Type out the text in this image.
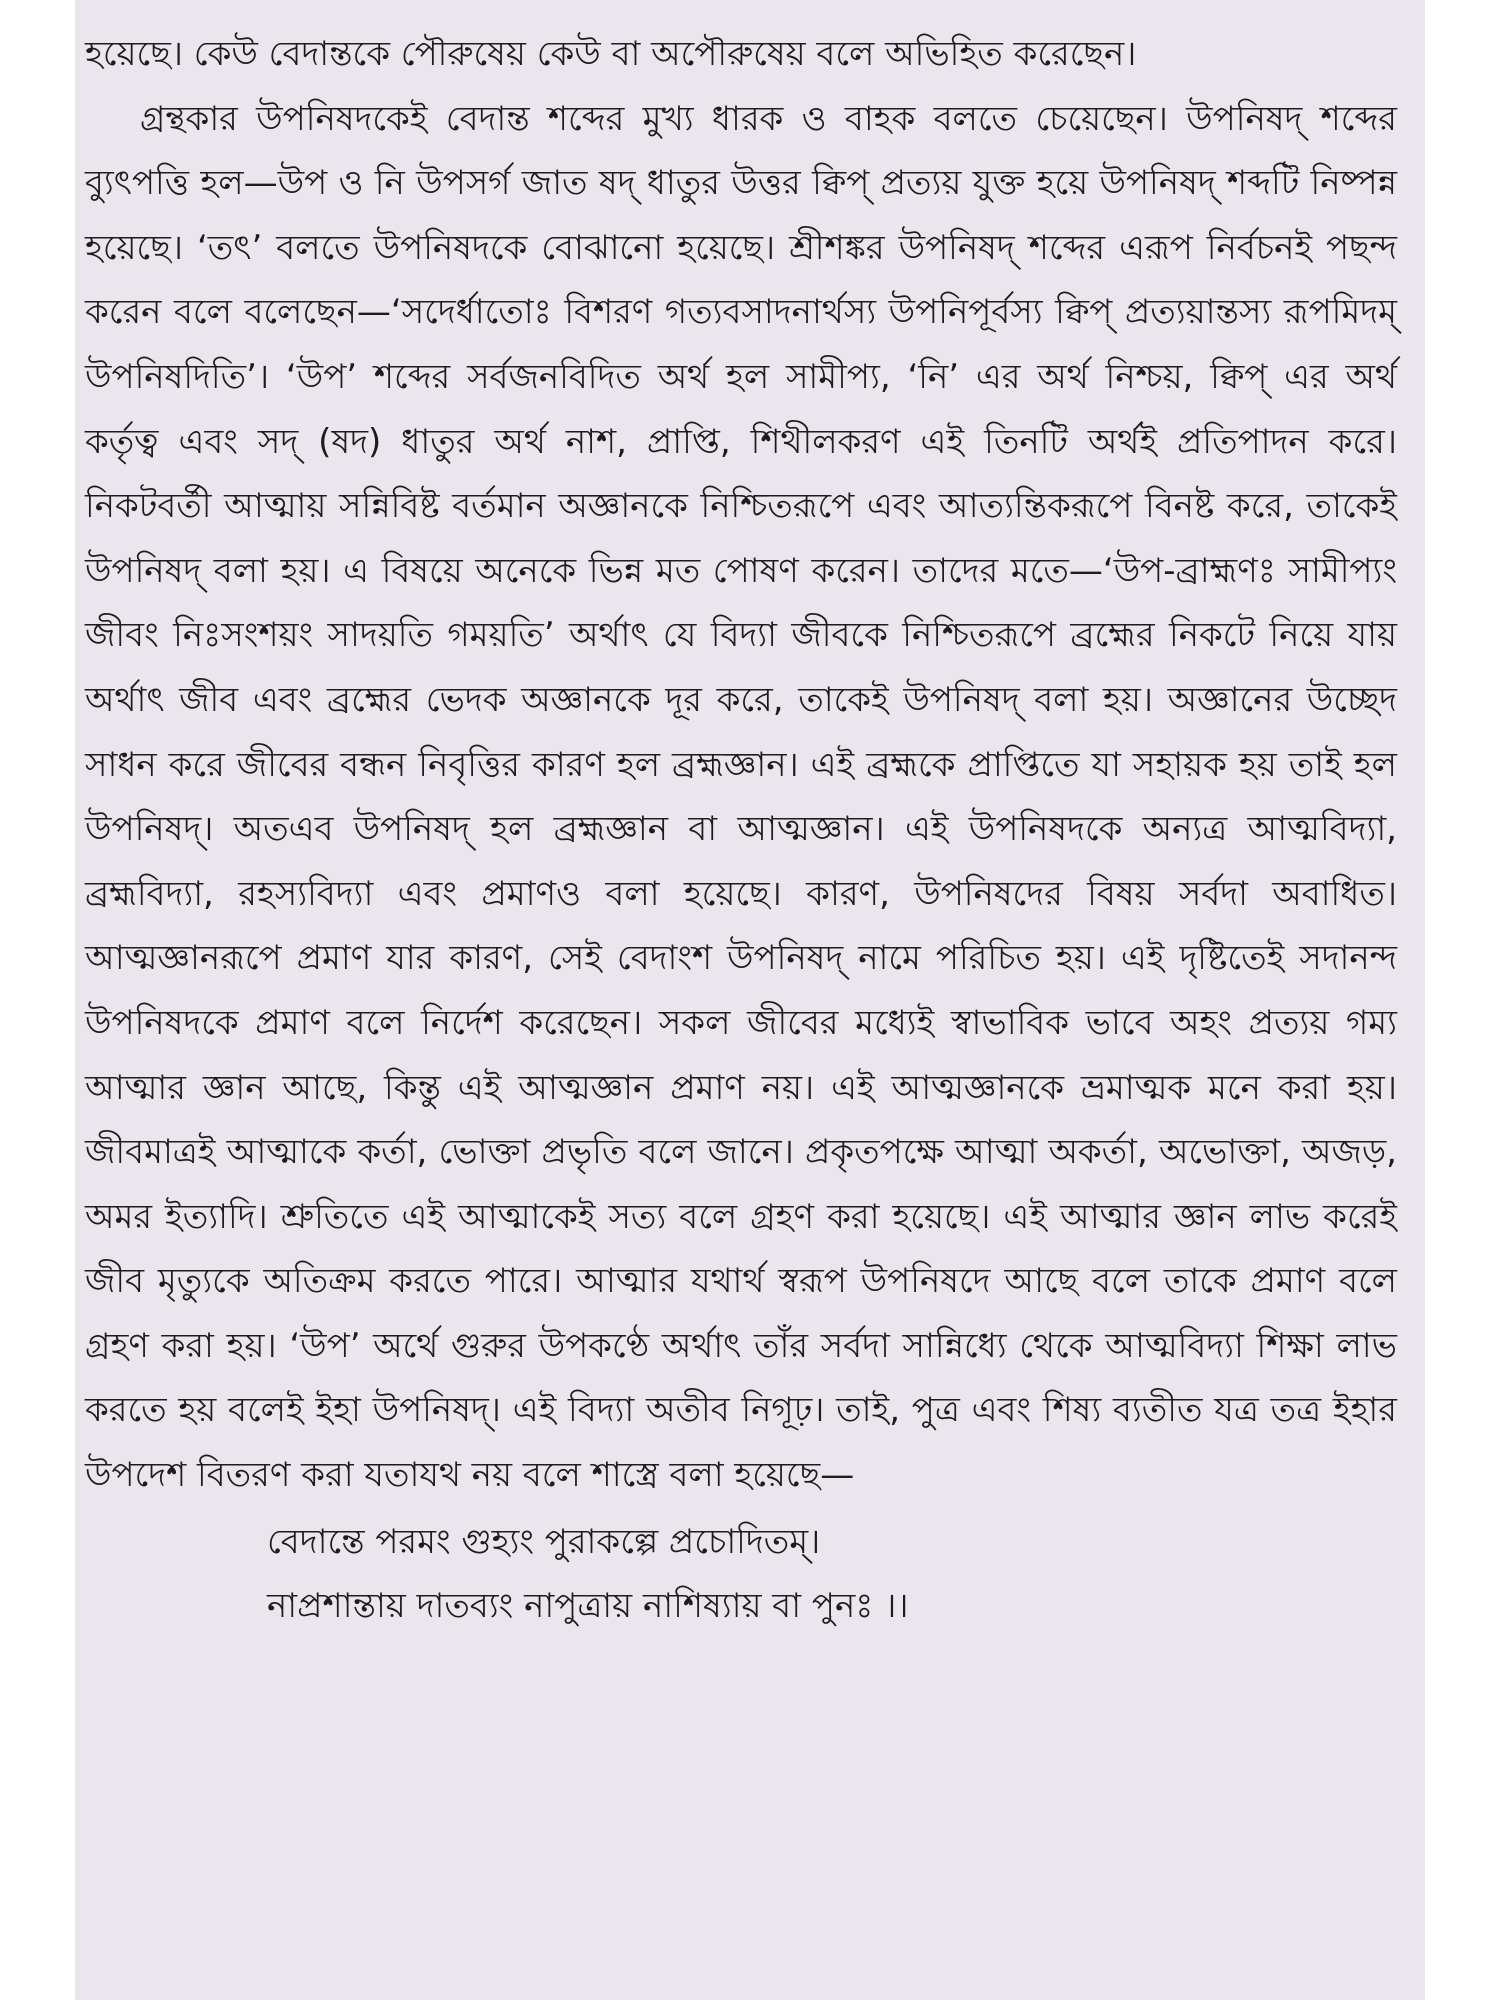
হয়েছে। কেউ বেদান্তকে পৌরুষেয় কেউ বা অপৌরুষেয় বলে অভিহিত করেছেন।

গ্রন্থকার উপনিষদকেই বেদান্ত শব্দের মুখ্য ধারক ও বাহক বলতে চেয়েছেন। উপনিষদ্ শব্দের ব্যুৎপত্তি হল—উপ ও নি উপসর্গ জাত ষদ্ ধাতুর উত্তর ক্বিপ্ প্রত্যয় যুক্ত হয়ে উপনিষদ্ শব্দটি নিষ্পন্ন হয়েছে। ‘তৎ’ বলতে উপনিষদকে বোঝানো হয়েছে। শ্রীশঙ্কর উপনিষদ্ শব্দের এরূপ নির্বচনই পছন্দ করেন বলে বলেছেন—‘সদের্ধাতোঃ বিশরণ গত্যবসাদনার্থস্য উপনিপূর্বস্য ক্বিপ্ প্রত্যয়ান্তস্য রূপমিদম্ উপনিষদিতি’। ‘উপ’ শব্দের সর্বজনবিদিত অর্থ হল সামীপ্য, ‘নি’ এর অর্থ নিশ্চয়, ক্বিপ্ এর অর্থ কর্তৃত্ব এবং সদ্ (ষদ) ধাতুর অর্থ নাশ, প্রাপ্তি, শিথীলকরণ এই তিনটি অর্থই প্রতিপাদন করে। নিকটবর্তী আত্মায় সন্নিবিষ্ট বর্তমান অজ্ঞানকে নিশ্চিতরূপে এবং আত্যন্তিকরূপে বিনষ্ট করে, তাকেই উপনিষদ্ বলা হয়। এ বিষয়ে অনেকে ভিন্ন মত পোষণ করেন। তাদের মতে—‘উপ-ব্রাহ্মণঃ সামীপ্যং জীবং নিঃসংশয়ং সাদয়তি গময়তি’ অর্থাৎ যে বিদ্যা জীবকে নিশ্চিতরূপে ব্রহ্মের নিকটে নিয়ে যায় অর্থাৎ জীব এবং ব্রহ্মের ভেদক অজ্ঞানকে দূর করে, তাকেই উপনিষদ্ বলা হয়। অজ্ঞানের উচ্ছেদ সাধন করে জীবের বন্ধন নিবৃত্তির কারণ হল ব্রহ্মজ্ঞান। এই ব্রহ্মকে প্রাপ্তিতে যা সহায়ক হয় তাই হল উপনিষদ্। অতএব উপনিষদ্ হল ব্রহ্মজ্ঞান বা আত্মজ্ঞান। এই উপনিষদকে অন্যত্র আত্মবিদ্যা, ব্রহ্মবিদ্যা, রহস্যবিদ্যা এবং প্রমাণও বলা হয়েছে। কারণ, উপনিষদের বিষয় সর্বদা অবাধিত। আত্মজ্ঞানরূপে প্রমাণ যার কারণ, সেই বেদাংশ উপনিষদ্ নামে পরিচিত হয়। এই দৃষ্টিতেই সদানন্দ উপনিষদকে প্রমাণ বলে নির্দেশ করেছেন। সকল জীবের মধ্যেই স্বাভাবিক ভাবে অহং প্রত্যয় গম্য আত্মার জ্ঞান আছে, কিন্তু এই আত্মজ্ঞান প্রমাণ নয়। এই আত্মজ্ঞানকে ভ্রমাত্মক মনে করা হয়। জীবমাত্রই আত্মাকে কর্তা, ভোক্তা প্রভৃতি বলে জানে। প্রকৃতপক্ষে আত্মা অকর্তা, অভোক্তা, অজড়, অমর ইত্যাদি। শ্রুতিতে এই আত্মাকেই সত্য বলে গ্রহণ করা হয়েছে। এই আত্মার জ্ঞান লাভ করেই জীব মৃত্যুকে অতিক্রম করতে পারে। আত্মার যথার্থ স্বরূপ উপনিষদে আছে বলে তাকে প্রমাণ বলে গ্রহণ করা হয়। ‘উপ’ অর্থে গুরুর উপকণ্ঠে অর্থাৎ তাঁর সর্বদা সান্নিধ্যে থেকে আত্মবিদ্যা শিক্ষা লাভ করতে হয় বলেই ইহা উপনিষদ্। এই বিদ্যা অতীব নিগূঢ়। তাই, পুত্র এবং শিষ্য ব্যতীত যত্র তত্র ইহার উপদেশ বিতরণ করা যতাযথ নয় বলে শাস্ত্রে বলা হয়েছে—

বেদান্তে পরমং গুহ্যং পুরাকল্পে প্রচোদিতম্।
নাপ্রশান্তায় দাতব্যং নাপুত্রায় নাশিষ্যায় বা পুনঃ ।।
